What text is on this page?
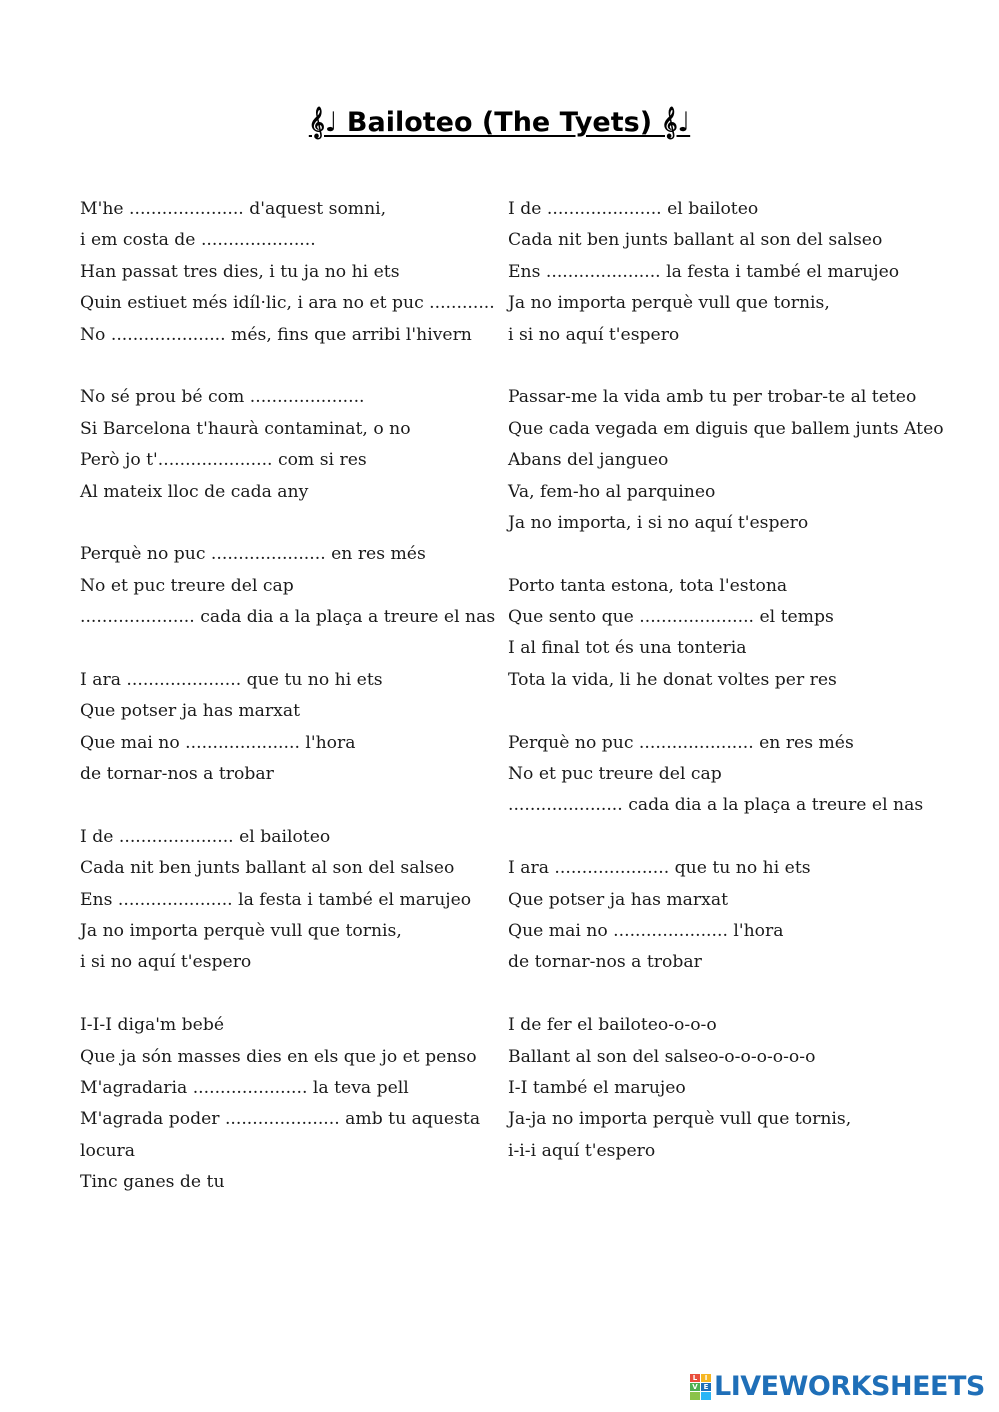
𝄞♩ Bailoteo (The Tyets) 𝄞♩
M'he ..................... d'aquest somni,
i em costa de .....................
Han passat tres dies, i tu ja no hi ets
Quin estiuet més idíl·lic, i ara no et puc ............
No ..................... més, fins que arribi l'hivern
No sé prou bé com .....................
Si Barcelona t'haurà contaminat, o no
Però jo t'..................... com si res
Al mateix lloc de cada any
Perquè no puc ..................... en res més
No et puc treure del cap
..................... cada dia a la plaça a treure el nas
I ara ..................... que tu no hi ets
Que potser ja has marxat
Que mai no ..................... l'hora
de tornar-nos a trobar
I de ..................... el bailoteo
Cada nit ben junts ballant al son del salseo
Ens ..................... la festa i també el marujeo
Ja no importa perquè vull que tornis,
i si no aquí t'espero
I-I-I diga'm bebé
Que ja són masses dies en els que jo et penso
M'agradaria ..................... la teva pell
M'agrada poder ..................... amb tu aquesta
locura
Tinc ganes de tu
I de ..................... el bailoteo
Cada nit ben junts ballant al son del salseo
Ens ..................... la festa i també el marujeo
Ja no importa perquè vull que tornis,
i si no aquí t'espero
Passar-me la vida amb tu per trobar-te al teteo
Que cada vegada em diguis que ballem junts Ateo
Abans del jangueo
Va, fem-ho al parquineo
Ja no importa, i si no aquí t'espero
Porto tanta estona, tota l'estona
Que sento que ..................... el temps
I al final tot és una tonteria
Tota la vida, li he donat voltes per res
Perquè no puc ..................... en res més
No et puc treure del cap
..................... cada dia a la plaça a treure el nas
I ara ..................... que tu no hi ets
Que potser ja has marxat
Que mai no ..................... l'hora
de tornar-nos a trobar
I de fer el bailoteo-o-o-o
Ballant al son del salseo-o-o-o-o-o-o
I-I també el marujeo
Ja-ja no importa perquè vull que tornis,
i-i-i aquí t'espero
L	I
V E LIVEWORKSHEETS
